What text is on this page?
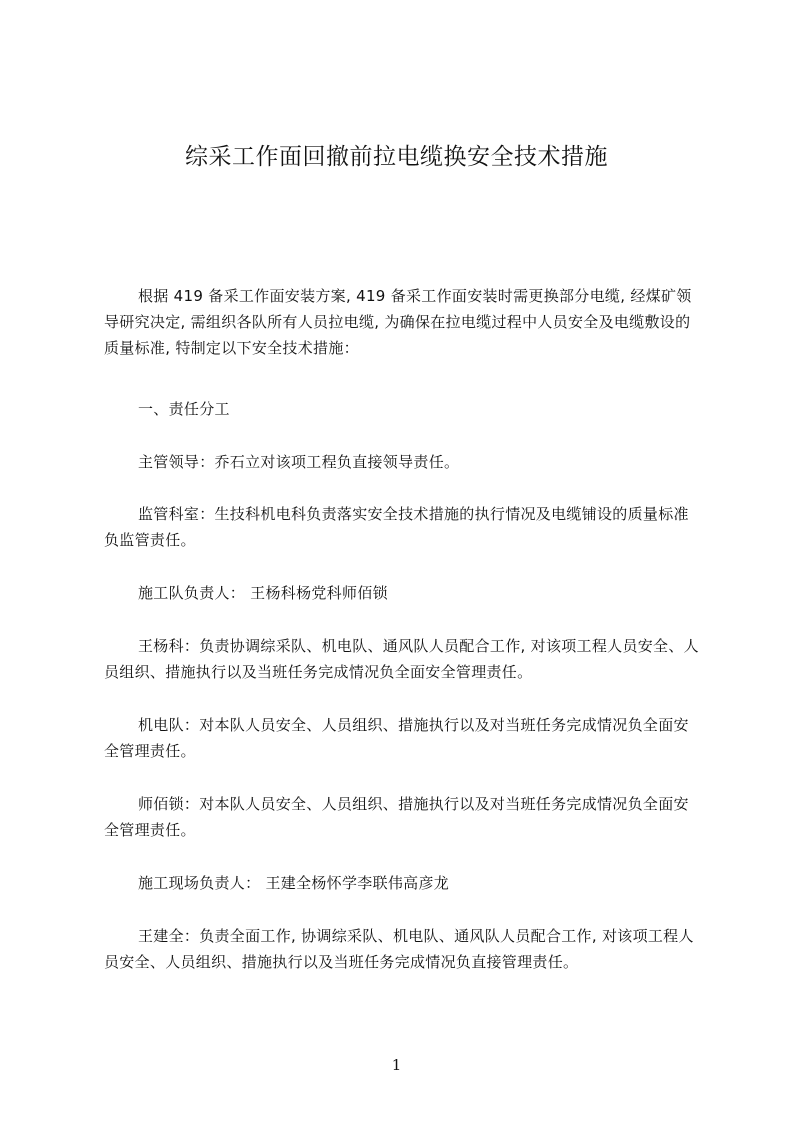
综采工作面回撤前拉电缆换安全技术措施

根据 419 备采工作面安装方案, 419 备采工作面安装时需更换部分电缆, 经煤矿领导研究决定, 需组织各队所有人员拉电缆, 为确保在拉电缆过程中人员安全及电缆敷设的质量标准, 特制定以下安全技术措施：

一、责任分工

主管领导：乔石立对该项工程负直接领导责任。

监管科室：生技科机电科负责落实安全技术措施的执行情况及电缆铺设的质量标准负监管责任。

施工队负责人： 王杨科杨党科师佰锁

王杨科：负责协调综采队、机电队、通风队人员配合工作, 对该项工程人员安全、人员组织、措施执行以及当班任务完成情况负全面安全管理责任。

机电队：对本队人员安全、人员组织、措施执行以及对当班任务完成情况负全面安全管理责任。

师佰锁：对本队人员安全、人员组织、措施执行以及对当班任务完成情况负全面安全管理责任。

施工现场负责人： 王建全杨怀学李联伟高彦龙

王建全：负责全面工作, 协调综采队、机电队、通风队人员配合工作, 对该项工程人员安全、人员组织、措施执行以及当班任务完成情况负直接管理责任。

1
